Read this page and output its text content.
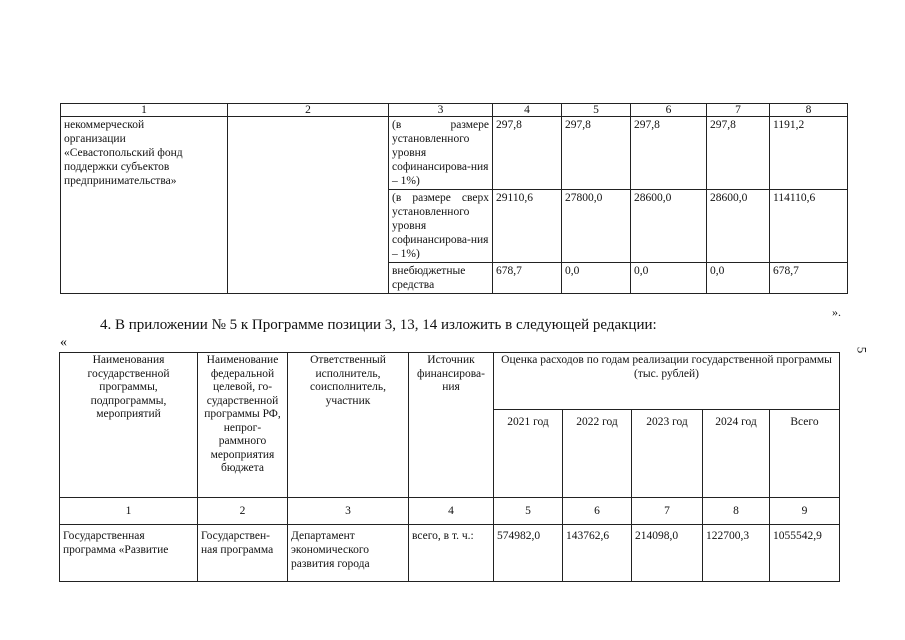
1	2	3	4	5	6	7	8

некоммерческой организации «Севастопольский фонд поддержки субъектов предпринимательства»		(в размере установленного уровня софинансирова-ния – 1%)	297,8	297,8	297,8	297,8	1191,2
		(в размере сверх установленного уровня софинансирова-ния – 1%)	29110,6	27800,0	28600,0	28600,0	114110,6
		внебюджетные средства	678,7	0,0	0,0	0,0	678,7
».
4. В приложении № 5 к Программе позиции 3, 13, 14 изложить в следующей редакции:
«	5
Наименования государственной программы, подпрограммы, мероприятий	Наименование федеральной целевой, го-сударственной программы РФ, непрог-раммного мероприятия бюджета	Ответственный исполнитель, соисполнитель, участник	Источник финансирова-ния	Оценка расходов по годам реализации государственной программы (тыс. рублей)				
				2021 год	2022 год	2023 год	2024 год	Всего
1	2	3	4	5	6	7	8	9
Государственная программа «Развитие	Государствен-ная программа	Департамент экономического развития города	всего, в т. ч.:	574982,0	143762,6	214098,0	122700,3	1055542,9
